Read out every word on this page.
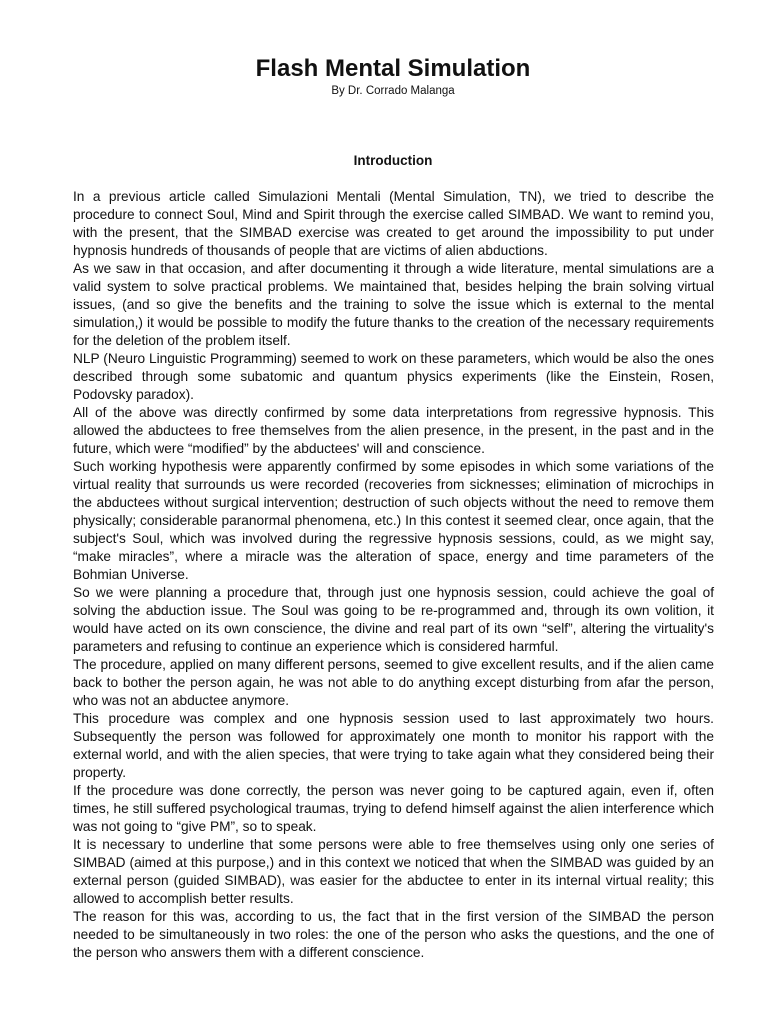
Flash Mental Simulation
By Dr. Corrado Malanga
Introduction

In a previous article called Simulazioni Mentali (Mental Simulation, TN), we tried to describe the procedure to connect Soul, Mind and Spirit through the exercise called SIMBAD. We want to remind you, with the present, that the SIMBAD exercise was created to get around the impossibility to put under hypnosis hundreds of thousands of people that are victims of alien abductions.

As we saw in that occasion, and after documenting it through a wide literature, mental simulations are a valid system to solve practical problems. We maintained that, besides helping the brain solving virtual issues, (and so give the benefits and the training to solve the issue which is external to the mental simulation,) it would be possible to modify the future thanks to the creation of the necessary requirements for the deletion of the problem itself.

NLP (Neuro Linguistic Programming) seemed to work on these parameters, which would be also the ones described through some subatomic and quantum physics experiments (like the Einstein, Rosen, Podovsky paradox).

All of the above was directly confirmed by some data interpretations from regressive hypnosis. This allowed the abductees to free themselves from the alien presence, in the present, in the past and in the future, which were “modified” by the abductees' will and conscience.

Such working hypothesis were apparently confirmed by some episodes in which some variations of the virtual reality that surrounds us were recorded (recoveries from sicknesses; elimination of microchips in the abductees without surgical intervention; destruction of such objects without the need to remove them physically; considerable paranormal phenomena, etc.) In this contest it seemed clear, once again, that the subject's Soul, which was involved during the regressive hypnosis sessions, could, as we might say, “make miracles”, where a miracle was the alteration of space, energy and time parameters of the Bohmian Universe.

So we were planning a procedure that, through just one hypnosis session, could achieve the goal of solving the abduction issue. The Soul was going to be re-programmed and, through its own volition, it would have acted on its own conscience, the divine and real part of its own “self”, altering the virtuality's parameters and refusing to continue an experience which is considered harmful.

The procedure, applied on many different persons, seemed to give excellent results, and if the alien came back to bother the person again, he was not able to do anything except disturbing from afar the person, who was not an abductee anymore.

This procedure was complex and one hypnosis session used to last approximately two hours. Subsequently the person was followed for approximately one month to monitor his rapport with the external world, and with the alien species, that were trying to take again what they considered being their property.

If the procedure was done correctly, the person was never going to be captured again, even if, often times, he still suffered psychological traumas, trying to defend himself against the alien interference which was not going to “give PM”, so to speak.

It is necessary to underline that some persons were able to free themselves using only one series of SIMBAD (aimed at this purpose,) and in this context we noticed that when the SIMBAD was guided by an external person (guided SIMBAD), was easier for the abductee to enter in its internal virtual reality; this allowed to accomplish better results.

The reason for this was, according to us, the fact that in the first version of the SIMBAD the person needed to be simultaneously in two roles: the one of the person who asks the questions, and the one of the person who answers them with a different conscience.
